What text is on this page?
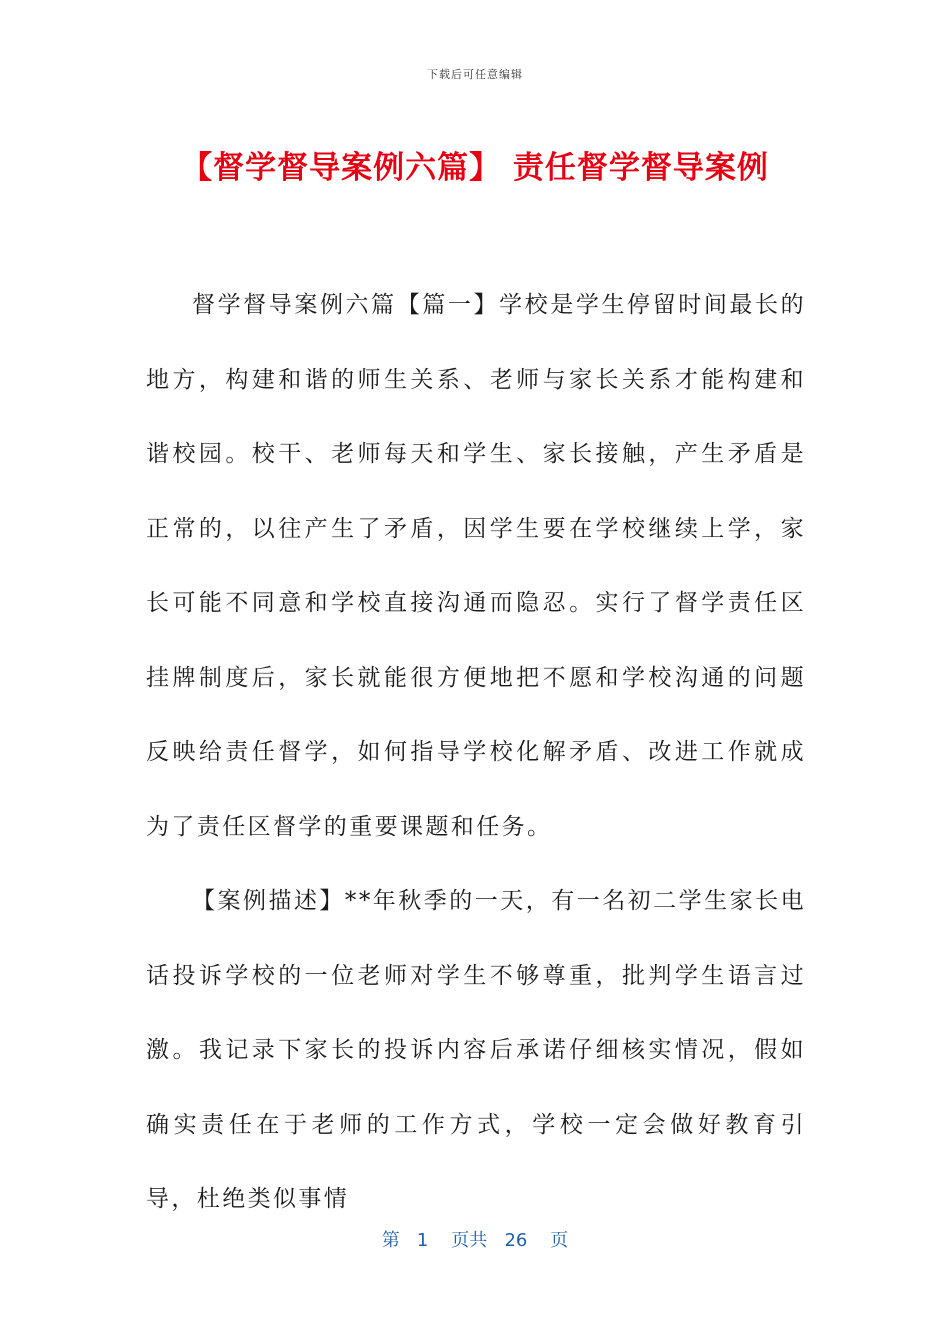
下载后可任意编辑
【督学督导案例六篇】 责任督学督导案例

督学督导案例六篇【篇一】学校是学生停留时间最长的地方，构建和谐的师生关系、老师与家长关系才能构建和谐校园。校干、老师每天和学生、家长接触，产生矛盾是正常的，以往产生了矛盾，因学生要在学校继续上学，家长可能不同意和学校直接沟通而隐忍。实行了督学责任区挂牌制度后，家长就能很方便地把不愿和学校沟通的问题反映给责任督学，如何指导学校化解矛盾、改进工作就成为了责任区督学的重要课题和任务。

【案例描述】**年秋季的一天，有一名初二学生家长电话投诉学校的一位老师对学生不够尊重，批判学生语言过激。我记录下家长的投诉内容后承诺仔细核实情况，假如确实责任在于老师的工作方式，学校一定会做好教育引导，杜绝类似事情

第 1 页共 26 页
